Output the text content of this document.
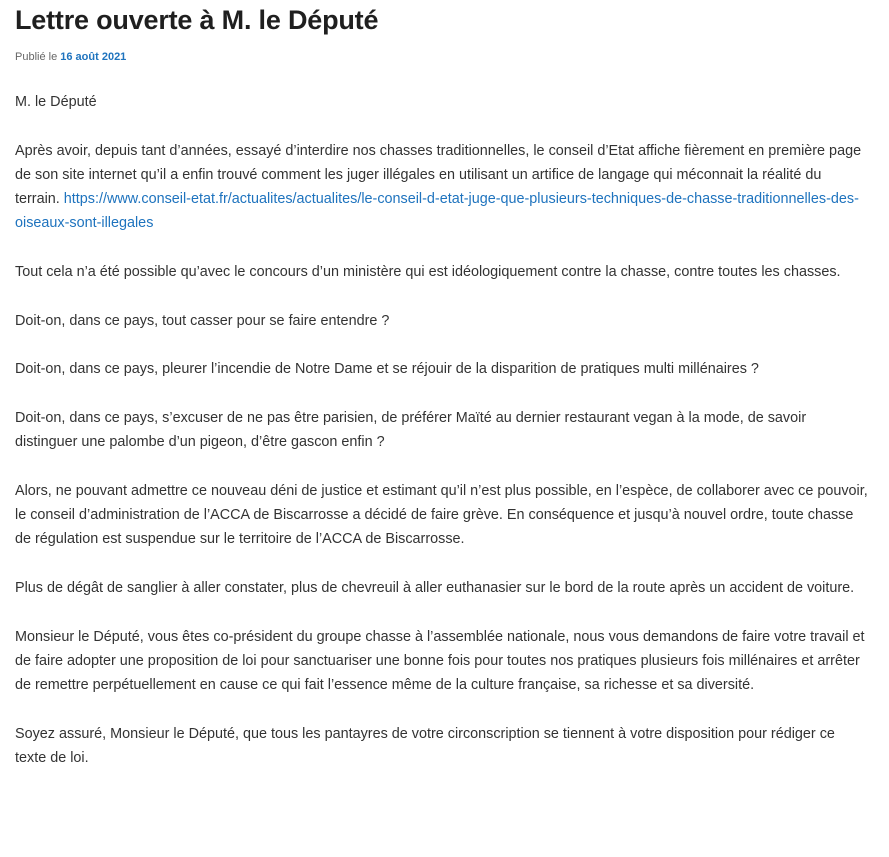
Lettre ouverte à M. le Député
Publié le 16 août 2021

M. le Député

Après avoir, depuis tant d’années, essayé d’interdire nos chasses traditionnelles, le conseil d’Etat affiche fièrement en première page de son site internet qu’il a enfin trouvé comment les juger illégales en utilisant un artifice de langage qui méconnait la réalité du terrain. https://www.conseil-etat.fr/actualites/actualites/le-conseil-d-etat-juge-que-plusieurs-techniques-de-chasse-traditionnelles-des-oiseaux-sont-illegales

Tout cela n’a été possible qu’avec le concours d’un ministère qui est idéologiquement contre la chasse, contre toutes les chasses.

Doit-on, dans ce pays, tout casser pour se faire entendre ?

Doit-on, dans ce pays, pleurer l’incendie de Notre Dame et se réjouir de la disparition de pratiques multi millénaires ?

Doit-on, dans ce pays, s’excuser de ne pas être parisien, de préférer Maïté au dernier restaurant vegan à la mode, de savoir distinguer une palombe d’un pigeon, d’être gascon enfin ?

Alors, ne pouvant admettre ce nouveau déni de justice et estimant qu’il n’est plus possible, en l’espèce, de collaborer avec ce pouvoir, le conseil d’administration de l’ACCA de Biscarrosse a décidé de faire grève. En conséquence et jusqu’à nouvel ordre, toute chasse de régulation est suspendue sur le territoire de l’ACCA de Biscarrosse.

Plus de dégât de sanglier à aller constater, plus de chevreuil à aller euthanasier sur le bord de la route après un accident de voiture.

Monsieur le Député, vous êtes co-président du groupe chasse à l’assemblée nationale, nous vous demandons de faire votre travail et de faire adopter une proposition de loi pour sanctuariser une bonne fois pour toutes nos pratiques plusieurs fois millénaires et arrêter de remettre perpétuellement en cause ce qui fait l’essence même de la culture française, sa richesse et sa diversité.

Soyez assuré, Monsieur le Député, que tous les pantayres de votre circonscription se tiennent à votre disposition pour rédiger ce texte de loi.
